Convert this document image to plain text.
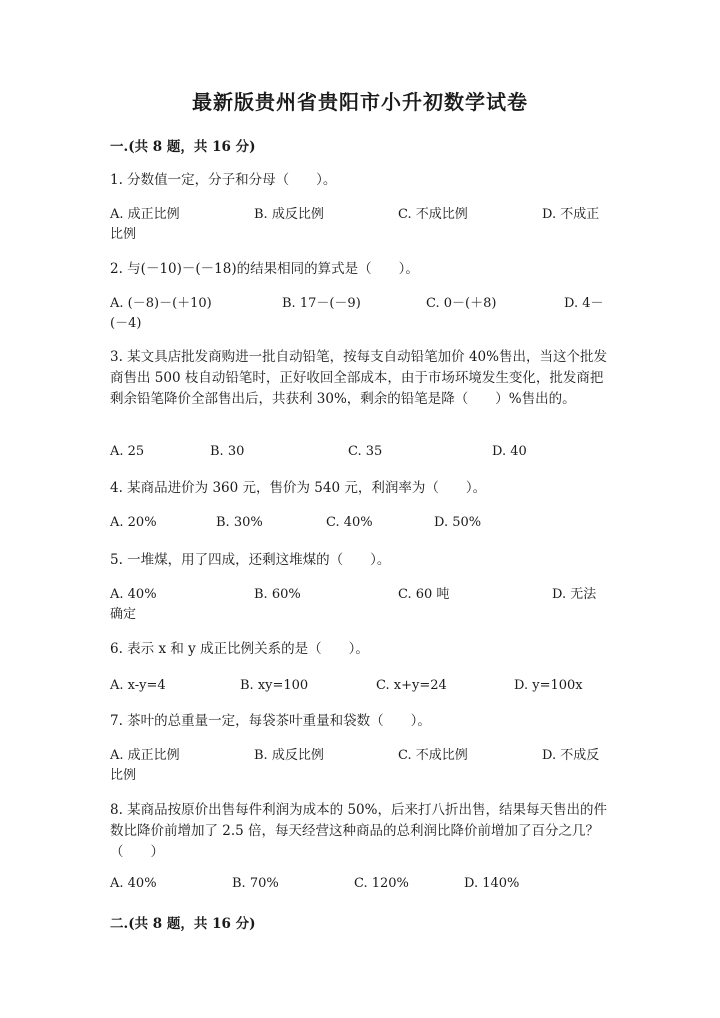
最新版贵州省贵阳市小升初数学试卷
一.(共 8 题，共 16 分)
1. 分数值一定，分子和分母（　　）。
A. 成正比例	B. 成反比例	C. 不成比例	D. 不成正
比例
2. 与(－10)－(－18)的结果相同的算式是（　　）。
A. (－8)－(＋10)	B. 17－(－9)	C. 0－(＋8)	D. 4－
(－4)
3. 某文具店批发商购进一批自动铅笔，按每支自动铅笔加价 40%售出，当这个批发商售出 500 枝自动铅笔时，正好收回全部成本，由于市场环境发生变化，批发商把剩余铅笔降价全部售出后，共获利 30%，剩余的铅笔是降（　　）%售出的。
A. 25	B. 30	C. 35	D. 40
4. 某商品进价为 360 元，售价为 540 元，利润率为（　　）。
A. 20%	B. 30%	C. 40%	D. 50%
5. 一堆煤，用了四成，还剩这堆煤的（　　）。
A. 40%	B. 60%	C. 60 吨	D. 无法
确定
6. 表示 x 和 y 成正比例关系的是（　　）。
A. x-y=4	B. xy=100	C. x+y=24	D. y=100x
7. 茶叶的总重量一定，每袋茶叶重量和袋数（　　）。
A. 成正比例	B. 成反比例	C. 不成比例	D. 不成反
比例
8. 某商品按原价出售每件利润为成本的 50%，后来打八折出售，结果每天售出的件数比降价前增加了 2.5 倍，每天经营这种商品的总利润比降价前增加了百分之几？（　　）
A. 40%	B. 70%	C. 120%	D. 140%
二.(共 8 题，共 16 分)
